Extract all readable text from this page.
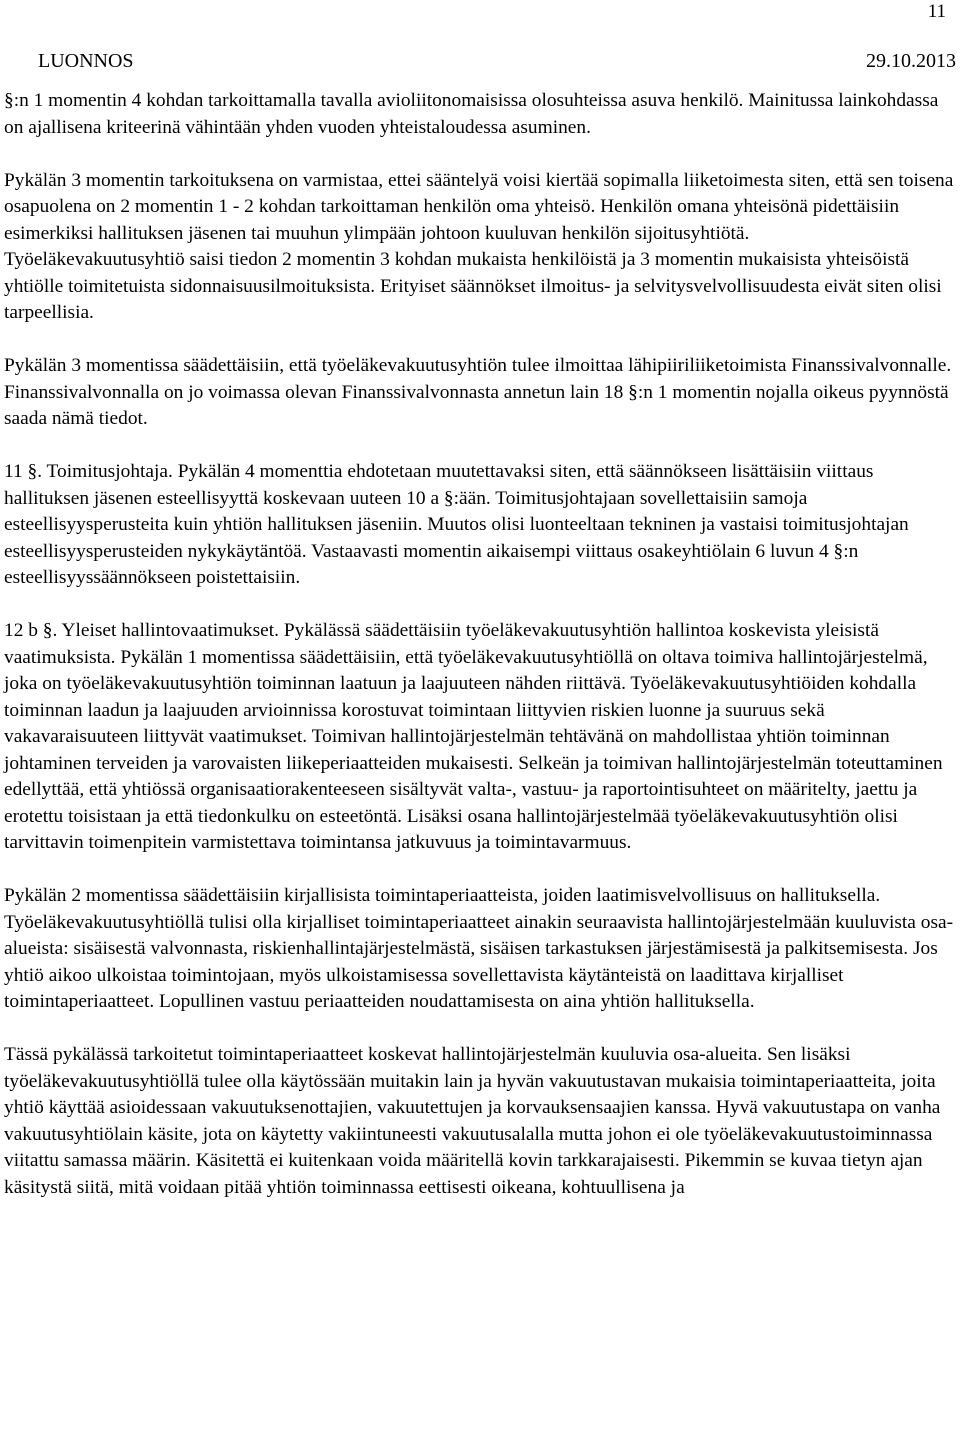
11
LUONNOS	29.10.2013

§:n 1 momentin 4 kohdan tarkoittamalla tavalla avioliitonomaisissa olosuhteissa asuva henkilö. Mainitussa lainkohdassa on ajallisena kriteerinä vähintään yhden vuoden yhteistaloudessa asuminen.

Pykälän 3 momentin tarkoituksena on varmistaa, ettei sääntelyä voisi kiertää sopimalla liiketoimesta siten, että sen toisena osapuolena on 2 momentin 1 - 2 kohdan tarkoittaman henkilön oma yhteisö. Henkilön omana yhteisönä pidettäisiin esimerkiksi hallituksen jäsenen tai muuhun ylimpään johtoon kuuluvan henkilön sijoitusyhtiötä.

Työeläkevakuutusyhtiö saisi tiedon 2 momentin 3 kohdan mukaista henkilöistä ja 3 momentin mukaisista yhteisöistä yhtiölle toimitetuista sidonnaisuusilmoituksista. Erityiset säännökset ilmoitus- ja selvitysvelvollisuudesta eivät siten olisi tarpeellisia.

Pykälän 3 momentissa säädettäisiin, että työeläkevakuutusyhtiön tulee ilmoittaa lähipiiriliiketoimista Finanssivalvonnalle. Finanssivalvonnalla on jo voimassa olevan Finanssivalvonnasta annetun lain 18 §:n 1 momentin nojalla oikeus pyynnöstä saada nämä tiedot.

11 §. Toimitusjohtaja. Pykälän 4 momenttia ehdotetaan muutettavaksi siten, että säännökseen lisättäisiin viittaus hallituksen jäsenen esteellisyyttä koskevaan uuteen 10 a §:ään. Toimitusjohtajaan sovellettaisiin samoja esteellisyysperusteita kuin yhtiön hallituksen jäseniin. Muutos olisi luonteeltaan tekninen ja vastaisi toimitusjohtajan esteellisyysperusteiden nykykäytäntöä. Vastaavasti momentin aikaisempi viittaus osakeyhtiölain 6 luvun 4 §:n esteellisyyssäännökseen poistettaisiin.

12 b §. Yleiset hallintovaatimukset. Pykälässä säädettäisiin työeläkevakuutusyhtiön hallintoa koskevista yleisistä vaatimuksista. Pykälän 1 momentissa säädettäisiin, että työeläkevakuutusyhtiöllä on oltava toimiva hallintojärjestelmä, joka on työeläkevakuutusyhtiön toiminnan laatuun ja laajuuteen nähden riittävä. Työeläkevakuutusyhtiöiden kohdalla toiminnan laadun ja laajuuden arvioinnissa korostuvat toimintaan liittyvien riskien luonne ja suuruus sekä vakavaraisuuteen liittyvät vaatimukset. Toimivan hallintojärjestelmän tehtävänä on mahdollistaa yhtiön toiminnan johtaminen terveiden ja varovaisten liikeperiaatteiden mukaisesti. Selkeän ja toimivan hallintojärjestelmän toteuttaminen edellyttää, että yhtiössä organisaatiorakenteeseen sisältyvät valta-, vastuu- ja raportointisuhteet on määritelty, jaettu ja erotettu toisistaan ja että tiedonkulku on esteetöntä. Lisäksi osana hallintojärjestelmää työeläkevakuutusyhtiön olisi tarvittavin toimenpitein varmistettava toimintansa jatkuvuus ja toimintavarmuus.

Pykälän 2 momentissa säädettäisiin kirjallisista toimintaperiaatteista, joiden laatimisvelvollisuus on hallituksella. Työeläkevakuutusyhtiöllä tulisi olla kirjalliset toimintaperiaatteet ainakin seuraavista hallintojärjestelmään kuuluvista osa-alueista: sisäisestä valvonnasta, riskienhallintajärjestelmästä, sisäisen tarkastuksen järjestämisestä ja palkitsemisesta. Jos yhtiö aikoo ulkoistaa toimintojaan, myös ulkoistamisessa sovellettavista käytänteistä on laadittava kirjalliset toimintaperiaatteet. Lopullinen vastuu periaatteiden noudattamisesta on aina yhtiön hallituksella.

Tässä pykälässä tarkoitetut toimintaperiaatteet koskevat hallintojärjestelmän kuuluvia osa-alueita. Sen lisäksi työeläkevakuutusyhtiöllä tulee olla käytössään muitakin lain ja hyvän vakuutustavan mukaisia toimintaperiaatteita, joita yhtiö käyttää asioidessaan vakuutuksenottajien, vakuutettujen ja korvauksensaajien kanssa. Hyvä vakuutustapa on vanha vakuutusyhtiölain käsite, jota on käytetty vakiintuneesti vakuutusalalla mutta johon ei ole työeläkevakuutustoiminnassa viitattu samassa määrin. Käsitettä ei kuitenkaan voida määritellä kovin tarkkarajaisesti. Pikemmin se kuvaa tietyn ajan käsitystä siitä, mitä voidaan pitää yhtiön toiminnassa eettisesti oikeana, kohtuullisena ja
